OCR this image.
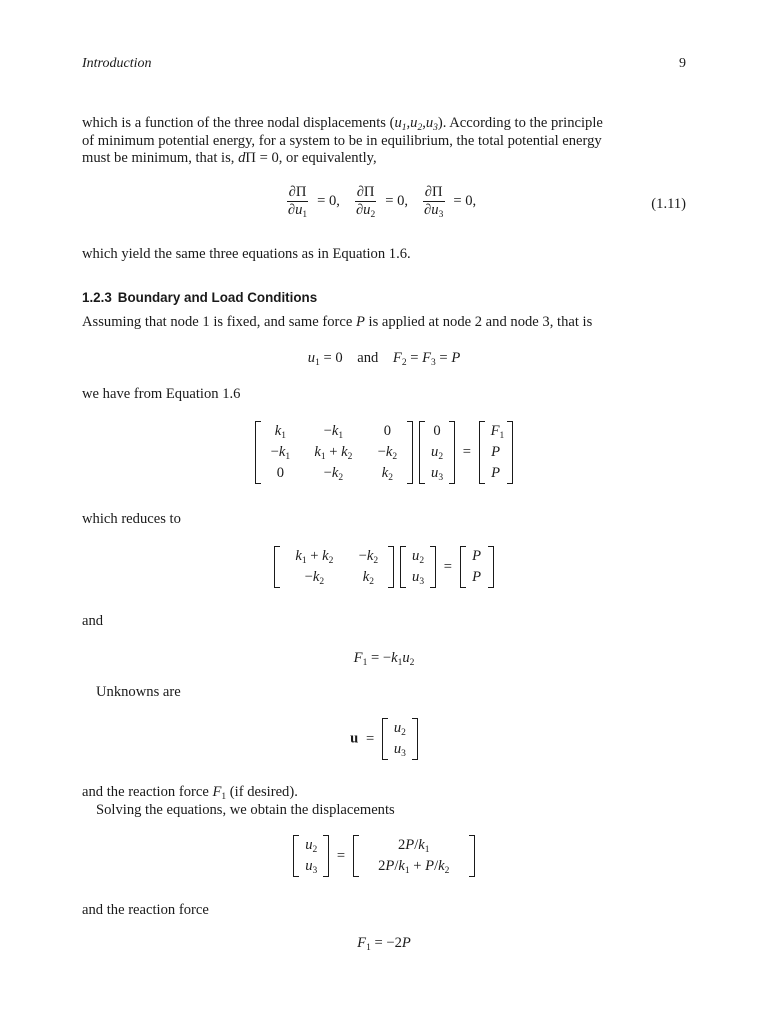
Introduction	9
which is a function of the three nodal displacements $(u_1,u_2,u_3)$. According to the principle
of minimum potential energy, for a system to be in equilibrium, the total potential energy
must be minimum, that is, dΠ = 0, or equivalently,
$\frac{\partial\Pi}{\partial u_1} = 0$, $\frac{\partial\Pi}{\partial u_2} = 0$, $\frac{\partial\Pi}{\partial u_3} = 0$,	(1.11)
which yield the same three equations as in Equation 1.6.
1.2.3 Boundary and Load Conditions
Assuming that node 1 is fixed, and same force P is applied at node 2 and node 3, that is
$u_1 = 0$    and $F_2 = F_3 = P$
we have from Equation 1.6
$k_1$	$-k_1$	0
$-k_1$	$k_1 + k_2$	$-k_2$
0	$-k_2$	$k_2$

0
$u_2$
$u_3$
=
$F_1$
P
P
which reduces to
$k_1 + k_2$	$-k_2$
$-k_2$	$k_2$

$u_2$
$u_3$
=
P
P
and
$F_1 = -k_1u_2$
Unknowns are
u =
$u_2$
$u_3$
and the reaction force $F_1$ (if desired).
Solving the equations, we obtain the displacements
$u_2$
$u_3$
=
$2P/k_1$
$2P/k_1 + P/k_2$
and the reaction force
$F_1 = -2P$
